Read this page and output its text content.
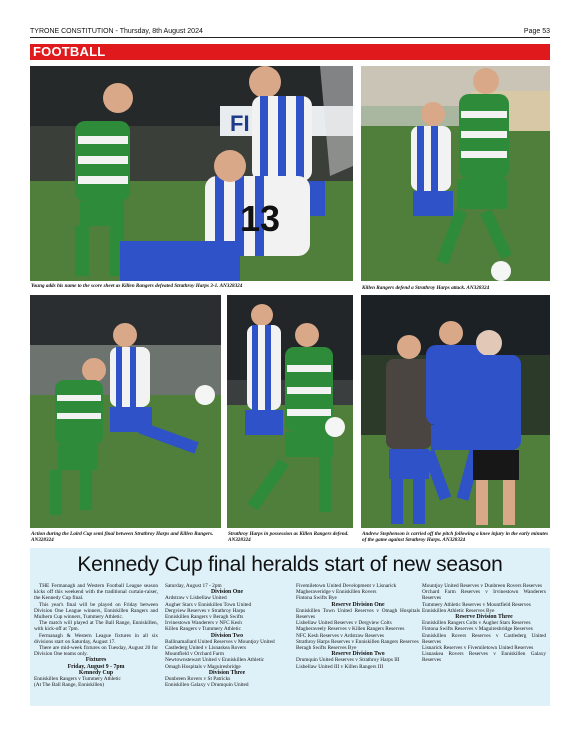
TYRONE CONSTITUTION - Thursday, 8th August 2024	Page 53
FOOTBALL
FI
13
Young adds his name to the score sheet as Killen Rangers defeated Strathroy Harps 3-1. AN328324	Killen Rangers defend a Strathroy Harps attack. AN328324
Action during the Laird Cup semi final between Strathroy Harps and Killen Rangers. AN328324
Strathroy Harps in possession as Killen Rangers defend. AN328324
Andrew Stephenson is carried off the pitch following a knee injury in the early minutes of the game against Strathroy Harps. AN328324
Kennedy Cup final heralds start of new season

THE Fermanagh and Western Football League season kicks off this weekend with the traditional curtain-raiser, the Kennedy Cup final.

This year's final will be played on Friday between Division One League winners, Enniskillen Rangers and Mulhern Cup winners, Tummery Athletic.

The match will played at The Ball Range, Enniskillen, with kick-off at 7pm.

Fermanagh & Western League fixtures in all six divisions start on Saturday, August 17.

There are mid-week fixtures on Tuesday, August 20 for Division One teams only.

Fixtures

Friday, August 9 - 7pm

Kennedy Cup

Enniskillen Rangers v Tummery Athletic

(At The Ball Range, Enniskillen)

Saturday, August 17 - 2pm

Division One

Ardstraw v Lisbellaw United

Augher Stars v Enniskillen Town United

Dergview Reserves v Strathroy Harps

Enniskillen Rangers v Beragh Swifts

Irvinestown Wanderers v NFC Kesh

Killen Rangers v Tummery Athletic

Division Two

Ballinamallard United Reserves v Mountjoy United

Castlederg United v Lisnaskea Rovers

Mountfield v Orchard Farm

Newtownstewart United v Enniskillen Athletic

Omagh Hospitals v Maguiresbridge

Division Three

Dunbreen Rovers v St Patricks

Enniskillen Galaxy v Drumquin United

Fivemiletown United Development v Lisnarick

Magheraveridge v Enniskillen Rovers

Fintona Swifts Bye

Reserve Division One

Enniskillen Town United Reserves v Omagh Hospitals Reserves

Lisbellaw United Reserves v Dergview Colts

Magheraveely Reserves v Killen Rangers Reserves

NFC Kesh Reserves v Ardstraw Reserves

Strathroy Harps Reserves v Enniskillen Rangers Reserves

Beragh Swifts Reserves Bye

Reserve Division Two

Drumquin United Reserves v Strathroy Harps III

Lisbellaw United III v Killen Rangers III

Mountjoy United Reserves v Dunbreen Rovers Reserves

Orchard Farm Reserves v Irvinestown Wanderers Reserves

Tummery Athletic Reserves v Mountfield Reserves

Enniskillen Athletic Reserves Bye

Reserve Division Three

Enniskillen Rangers Colts v Augher Stars Reserves

Fintona Swifts Reserves v Maguiresbridge Reserves

Enniskillen Rovers Reserves v Castlederg United Reserves

Lisnarick Reserves v Fivemiletown United Reserves

Lisnaskea Rovers Reserves v Enniskillen Galaxy Reserves
